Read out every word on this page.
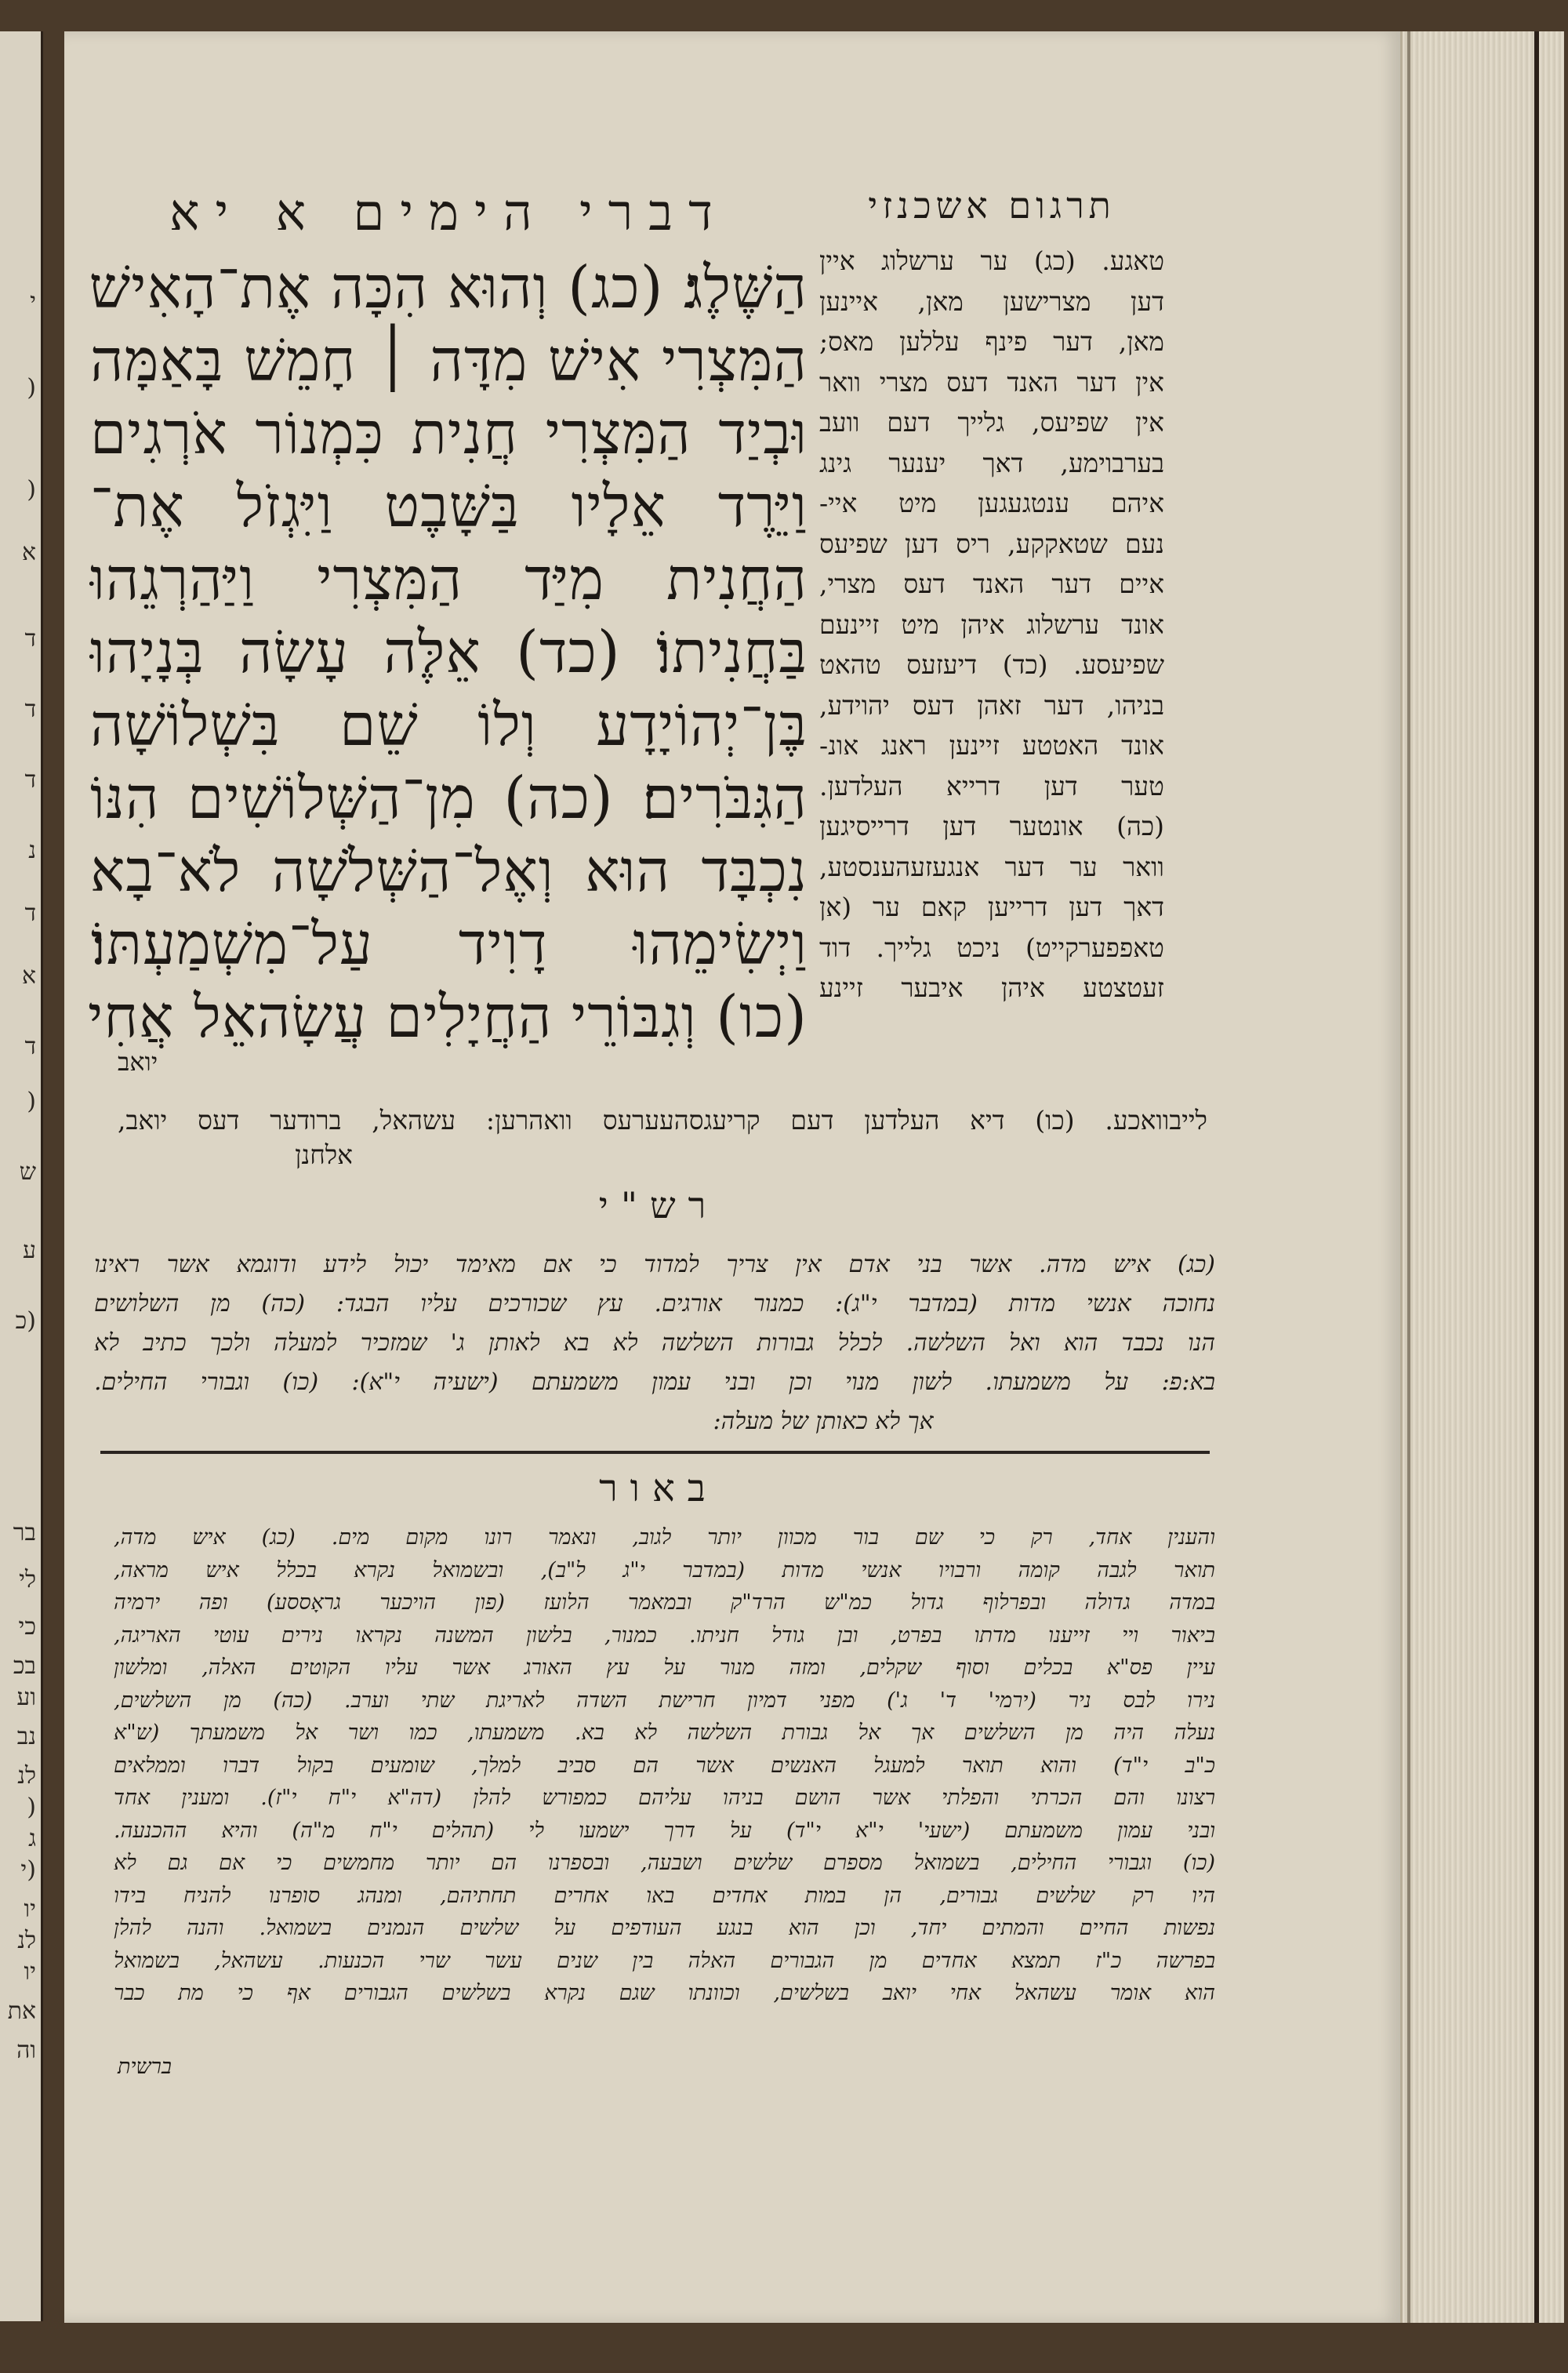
י
(
(
א
ד
ד
ד
נ
ד
א
ד
(
ש
ע
(כ
בר
לי
כי
בכ
וע
נב
לנ
(
ג
(י
יו
לנ
יו
את
וה
דברי הימים א יא
הַשֶּׁלֶג׃ (כג) וְהוּא הִכָּה אֶת־הָאִישׁ
הַמִּצְרִי אִישׁ מִדָּה ׀ חָמֵשׁ בָּאַמָּה
וּבְיַד הַמִּצְרִי חֲנִית כִּמְנוֹר אֹרְגִים
וַיֵּרֶד אֵלָיו בַּשָּׁבֶט וַיִּגְזֹל אֶת־
הַחֲנִית מִיַּד הַמִּצְרִי וַיַּהַרְגֵהוּ
בַּחֲנִיתוֹ׃ (כד) אֵלֶּה עָשָׂה בְּנָיָהוּ
בֶּן־יְהוֹיָדָע וְלוֹ שֵׁם בִּשְׁלוֹשָׁה
הַגִּבֹּרִים׃ (כה) מִן־הַשְּׁלוֹשִׁים הִנּוֹ
נִכְבָּד הוּא וְאֶל־הַשְּׁלֹשָׁה לֹא־בָא
וַיְשִׂימֵהוּ דָוִיד עַל־מִשְׁמַעְתּוֹ׃
(כו) וְגִבּוֹרֵי הַחֲיָלִים עֲשָׂהאֵל אֲחִי
יואב
תרגום אשכנזי
טאגע. (כג) ער ערשלוג איין
דען מצרישען מאן, איינען
מאן, דער פינף עללען מאס;
אין דער האנד דעס מצרי וואר
אין שפיעס, גלייך דעם וועב
בערבוימע, דאך יענער גינג
איהם ענטגעגען מיט איי-
נעם שטאקקע, ריס דען שפיעס
איים דער האנד דעס מצרי,
אונד ערשלוג איהן מיט זיינעם
שפיעסע. (כד) דיעזעס טהאט
בניהו, דער זאהן דעס יהוידע,
אונד האטטע זיינען ראנג אונ-
טער דען דרייא העלדען.
(כה) אונטער דען דרייסיגען
וואר ער דער אנגעזעהענסטע,
דאך דען דרייען קאם ער (אן
טאפפערקייט) ניכט גלייך. דוד
זעטצטע איהן איבער זיינע
לייבוואכע. (כו) דיא העלדען דעם קריעגסהעערעס וואהרען: עשהאל, ברודער דעס יואב,
אלחנן
רש"י
(כג) איש מדה. אשר בני אדם אין צריך למדוד כי אם מאימד יכול לידע ודוגמא אשר ראינו
נחוכה אנשי מדות (במדבר י"ג): כמנור אורגים. עץ שכורכים עליו הבגד: (כה) מן השלושים
הנו נכבד הוא ואל השלשה. לכלל גבורות השלשה לא בא לאותן ג' שמזכיר למעלה ולכך כתיב לא
בא:פ: על משמעתו. לשון מנוי וכן ובני עמון משמעתם (ישעיה י"א): (כו) וגבורי החילים.
אך לא כאותן של מעלה:
באור
והענין אחד, רק כי שם בור מכוון יותר לגוב, ונאמר רונו מקום מים. (כג) איש מדה,
תואר לגבה קומה ורבויו אנשי מדות (במדבר י"ג ל"ב), ובשמואל נקרא בכלל איש מראה,
במדה גדולה ובפרלוף גדול כמ"ש הרד"ק ובמאמר הלועז (פון הויכער גראָססע) ופה ירמיה
ביאור ויי זייענו מדתו בפרט, ובן גודל חניתו. כמנור, בלשון המשנה נקראו נירים עוטי האריגה,
עיין פס"א בכלים וסוף שקלים, ומזה מנור על עץ האורג אשר עליו הקוטים האלה, ומלשון
נירו לבס ניר (ירמי' ד' ג') מפני דמיון חרישת השדה לאריגת שתי וערב. (כה) מן השלשים,
נעלה היה מן השלשים אך אל גבורת השלשה לא בא. משמעתו, כמו ושר אל משמעתך (ש"א
כ"ב י"ד) והוא תואר למעגל האנשים אשר הם סביב למלך, שומעים בקול דברו וממלאים
רצונו והם הכרתי והפלתי אשר הושם בניהו עליהם כמפורש להלן (דה"א י"ח י"ז). ומענין אחד
ובני עמון משמעתם (ישעי' י"א י"ד) על דרך ישמעו לי (תהלים י"ח מ"ה) והיא ההכנעה.
(כו) וגבורי החילים, בשמואל מספרם שלשים ושבעה, ובספרנו הם יותר מחמשים כי אם גם לא
היו רק שלשים גבורים, הן במות אחדים באו אחרים תחתיהם, ומנהג סופרנו להניח בידו
נפשות החיים והמתים יחד, וכן הוא בנגע העודפים על שלשים הנמנים בשמואל. והנה להלן
בפרשה כ"ז תמצא אחדים מן הגבורים האלה בין שנים עשר שרי הכנעות. עשהאל, בשמואל
הוא אומר עשהאל אחי יואב בשלשים, וכוונתו שגם נקרא בשלשים הגבורים אף כי מת כבר
ברשית
